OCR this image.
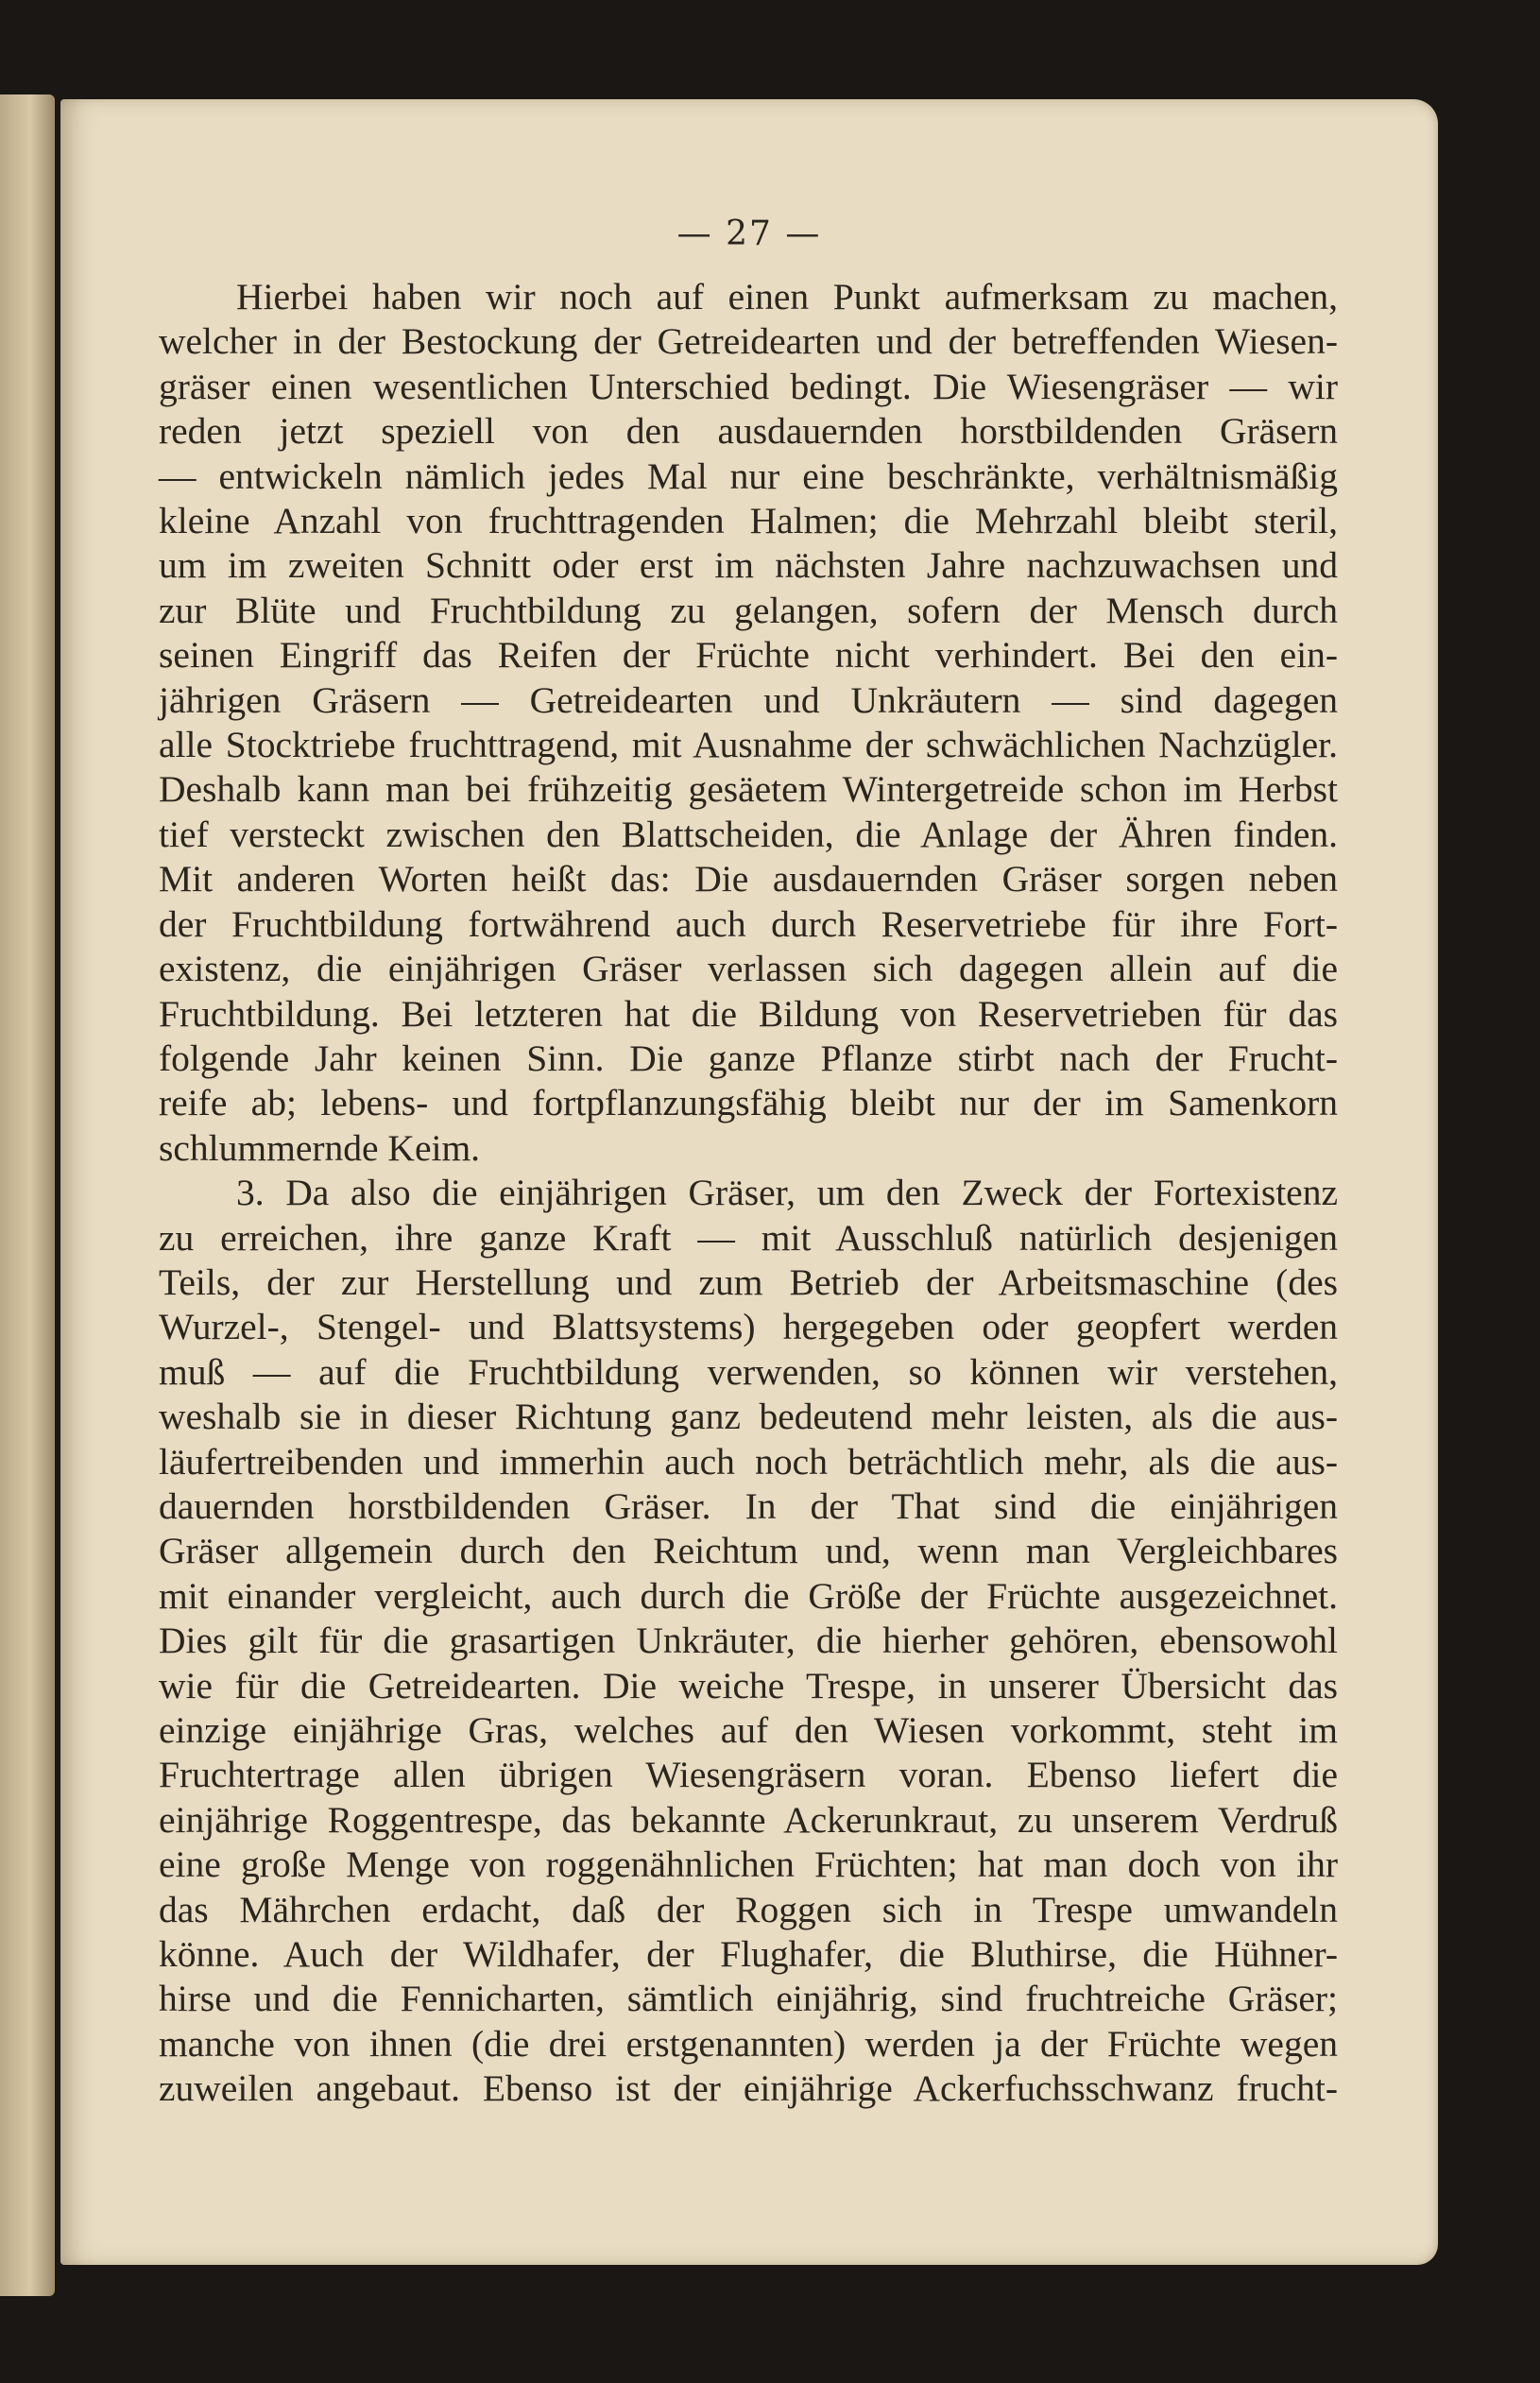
— 27 —
Hierbei haben wir noch auf einen Punkt aufmerksam zu machen,
welcher in der Bestockung der Getreidearten und der betreffenden Wiesen-
gräser einen wesentlichen Unterschied bedingt. Die Wiesengräser — wir
reden jetzt speziell von den ausdauernden horstbildenden Gräsern
— entwickeln nämlich jedes Mal nur eine beschränkte, verhältnismäßig
kleine Anzahl von fruchttragenden Halmen; die Mehrzahl bleibt steril,
um im zweiten Schnitt oder erst im nächsten Jahre nachzuwachsen und
zur Blüte und Fruchtbildung zu gelangen, sofern der Mensch durch
seinen Eingriff das Reifen der Früchte nicht verhindert. Bei den ein-
jährigen Gräsern — Getreidearten und Unkräutern — sind dagegen
alle Stocktriebe fruchttragend, mit Ausnahme der schwächlichen Nachzügler.
Deshalb kann man bei frühzeitig gesäetem Wintergetreide schon im Herbst
tief versteckt zwischen den Blattscheiden, die Anlage der Ähren finden.
Mit anderen Worten heißt das: Die ausdauernden Gräser sorgen neben
der Fruchtbildung fortwährend auch durch Reservetriebe für ihre Fort-
existenz, die einjährigen Gräser verlassen sich dagegen allein auf die
Fruchtbildung. Bei letzteren hat die Bildung von Reservetrieben für das
folgende Jahr keinen Sinn. Die ganze Pflanze stirbt nach der Frucht-
reife ab; lebens- und fortpflanzungsfähig bleibt nur der im Samenkorn
schlummernde Keim.
3. Da also die einjährigen Gräser, um den Zweck der Fortexistenz
zu erreichen, ihre ganze Kraft — mit Ausschluß natürlich desjenigen
Teils, der zur Herstellung und zum Betrieb der Arbeitsmaschine (des
Wurzel-, Stengel- und Blattsystems) hergegeben oder geopfert werden
muß — auf die Fruchtbildung verwenden, so können wir verstehen,
weshalb sie in dieser Richtung ganz bedeutend mehr leisten, als die aus-
läufertreibenden und immerhin auch noch beträchtlich mehr, als die aus-
dauernden horstbildenden Gräser. In der That sind die einjährigen
Gräser allgemein durch den Reichtum und, wenn man Vergleichbares
mit einander vergleicht, auch durch die Größe der Früchte ausgezeichnet.
Dies gilt für die grasartigen Unkräuter, die hierher gehören, ebensowohl
wie für die Getreidearten. Die weiche Trespe, in unserer Übersicht das
einzige einjährige Gras, welches auf den Wiesen vorkommt, steht im
Fruchtertrage allen übrigen Wiesengräsern voran. Ebenso liefert die
einjährige Roggentrespe, das bekannte Ackerunkraut, zu unserem Verdruß
eine große Menge von roggenähnlichen Früchten; hat man doch von ihr
das Mährchen erdacht, daß der Roggen sich in Trespe umwandeln
könne. Auch der Wildhafer, der Flughafer, die Bluthirse, die Hühner-
hirse und die Fennicharten, sämtlich einjährig, sind fruchtreiche Gräser;
manche von ihnen (die drei erstgenannten) werden ja der Früchte wegen
zuweilen angebaut. Ebenso ist der einjährige Ackerfuchsschwanz frucht-
